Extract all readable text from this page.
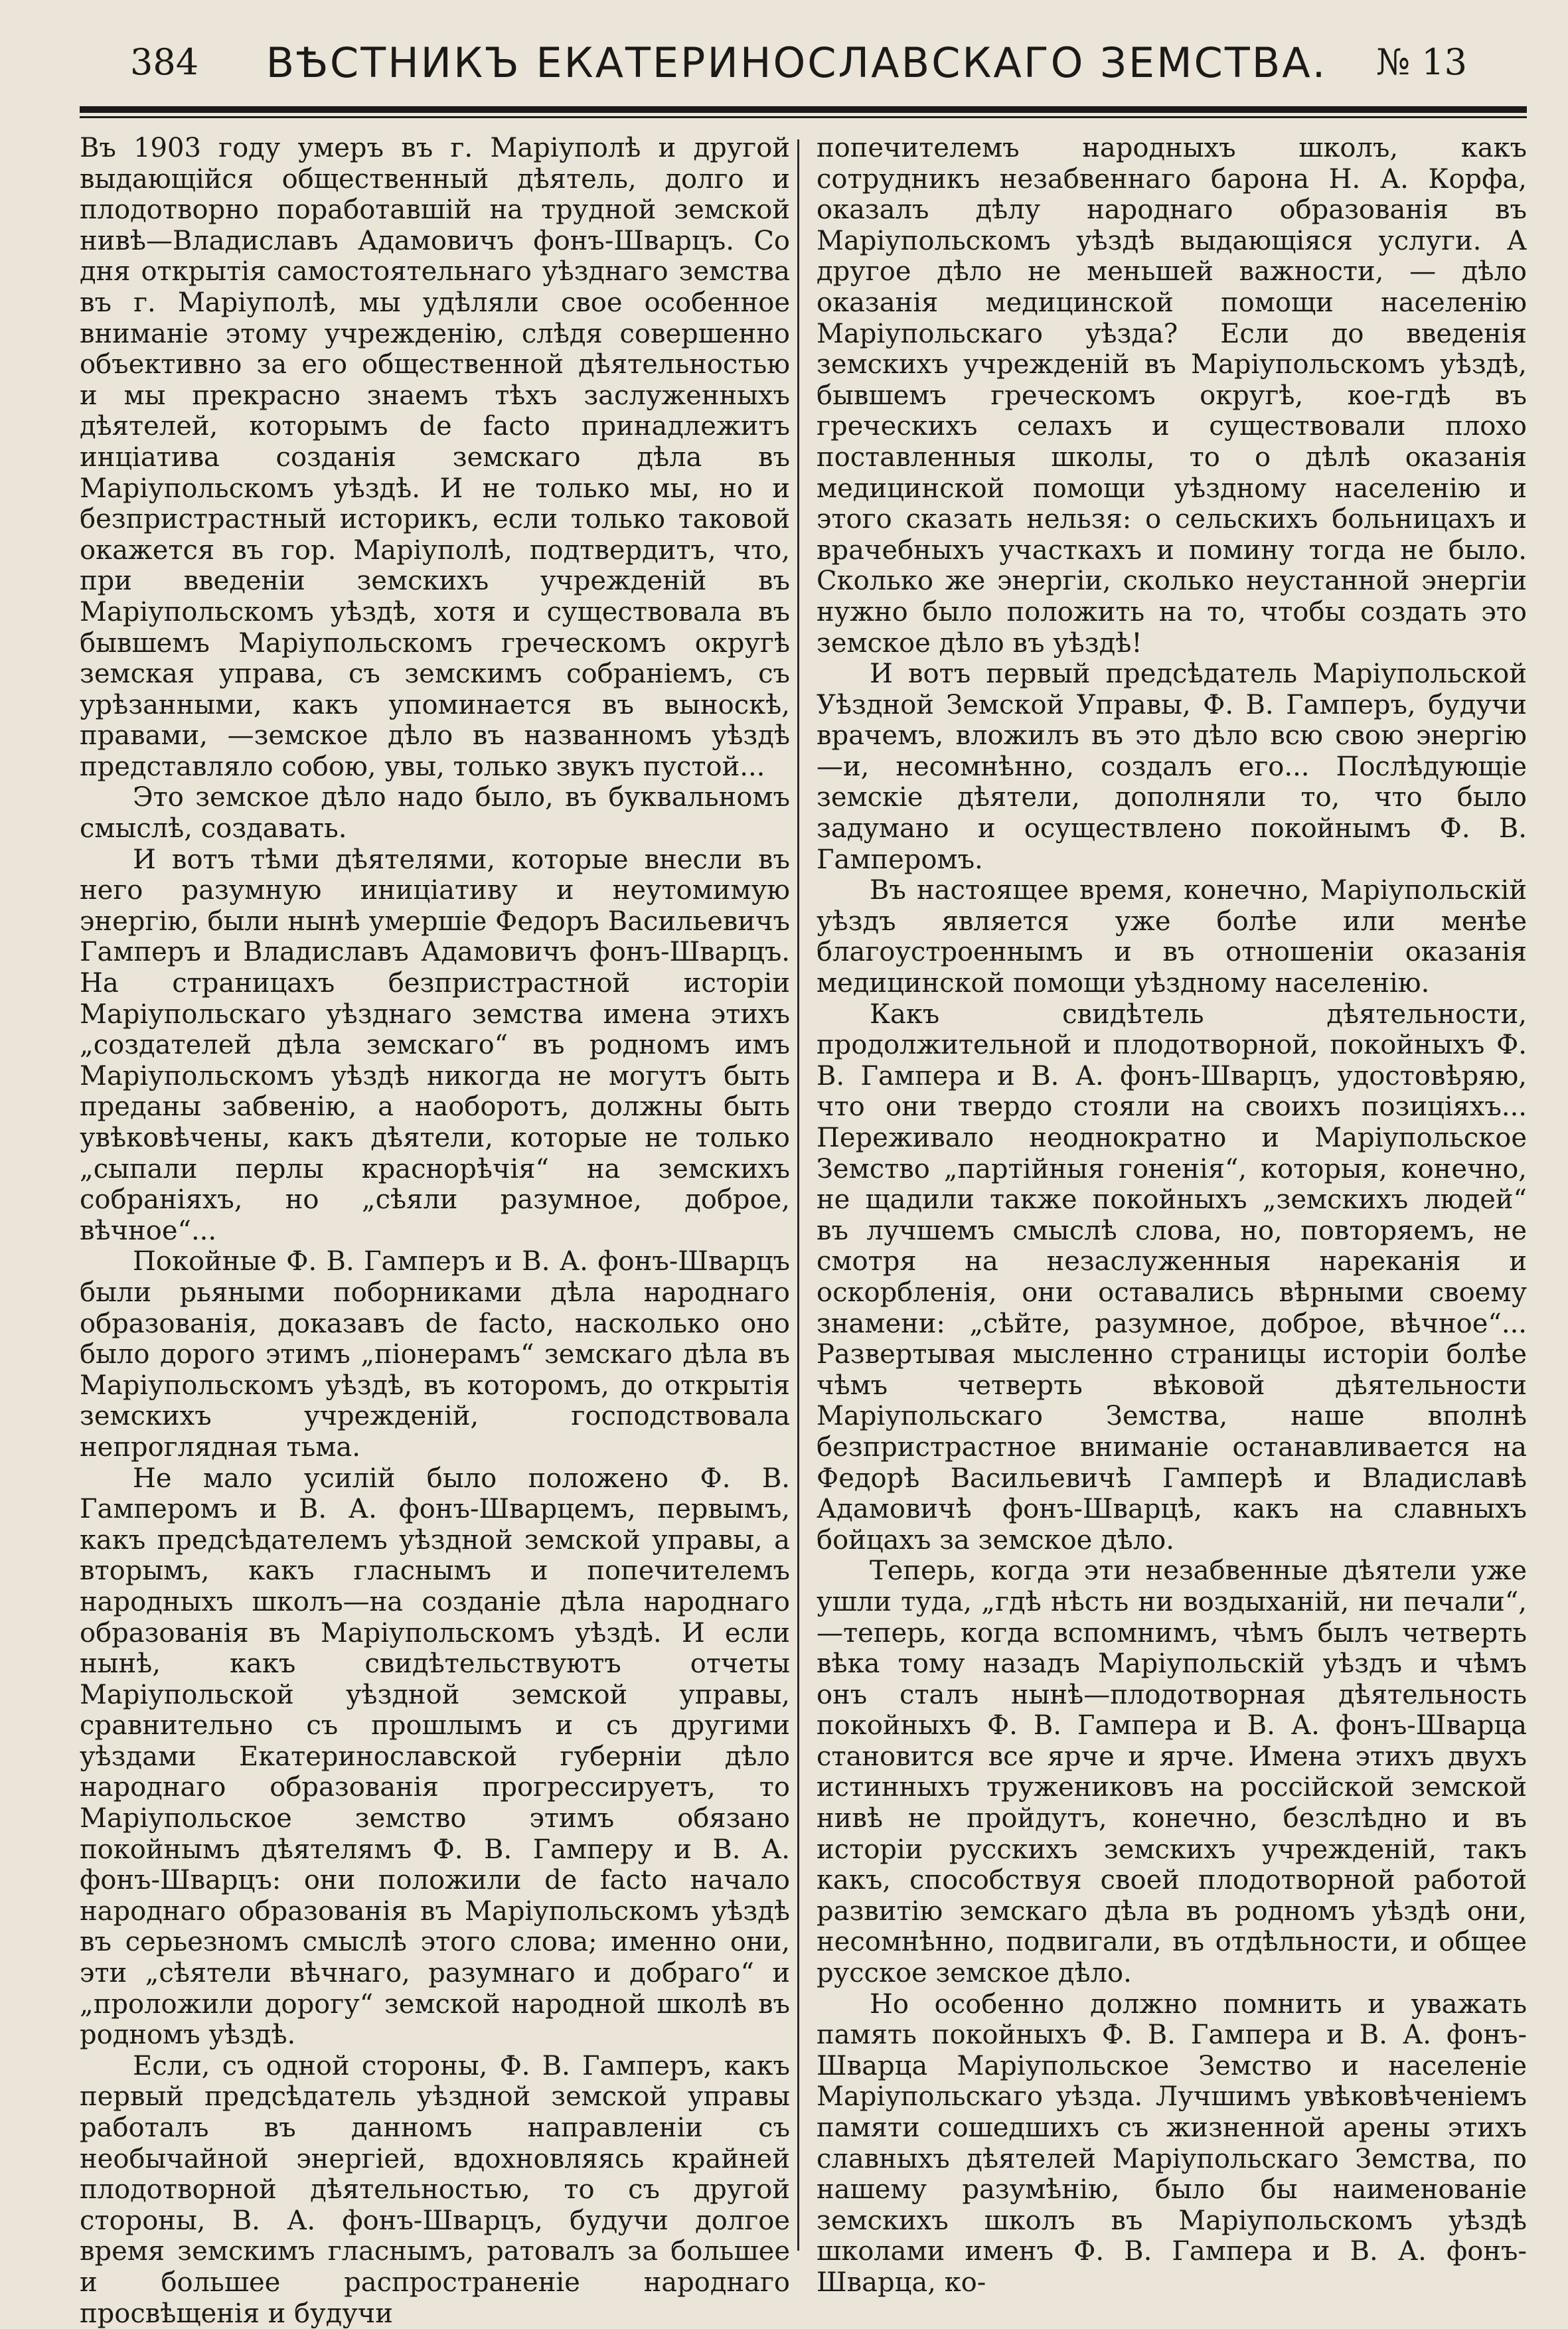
384	ВѢСТНИКЪ ЕКАТЕРИНОСЛАВСКАГО ЗЕМСТВА.	№ 13

Въ 1903 году умеръ въ г. Маріуполѣ и другой выдающійся общественный дѣятель, долго и плодотворно поработавшій на трудной земской нивѣ—Владиславъ Адамовичъ фонъ-Шварцъ. Со дня открытія самостоятельнаго уѣзднаго земства въ г. Маріуполѣ, мы удѣляли свое особенное вниманіе этому учрежденію, слѣдя совершенно объективно за его общественной дѣятельностью и мы прекрасно знаемъ тѣхъ заслуженныхъ дѣятелей, которымъ de facto принадлежитъ инціатива созданія земскаго дѣла въ Маріупольскомъ уѣздѣ. И не только мы, но и безпристрастный историкъ, если только таковой окажется въ гор. Маріуполѣ, подтвердитъ, что, при введеніи земскихъ учрежденій въ Маріупольскомъ уѣздѣ, хотя и существовала въ бывшемъ Маріупольскомъ греческомъ округѣ земская управа, съ земскимъ собраніемъ, съ урѣзанными, какъ упоминается въ выноскѣ, правами, —земское дѣло въ названномъ уѣздѣ представляло собою, увы, только звукъ пустой...

Это земское дѣло надо было, въ буквальномъ смыслѣ, создавать.

И вотъ тѣми дѣятелями, которые внесли въ него разумную иниціативу и неутомимую энергію, были нынѣ умершіе Федоръ Васильевичъ Гамперъ и Владиславъ Адамовичъ фонъ-Шварцъ. На страницахъ безпристрастной исторіи Маріупольскаго уѣзднаго земства имена этихъ „создателей дѣла земскаго“ въ родномъ имъ Маріупольскомъ уѣздѣ никогда не могутъ быть преданы забвенію, а наоборотъ, должны быть увѣковѣчены, какъ дѣятели, которые не только „сыпали перлы краснорѣчія“ на земскихъ собраніяхъ, но „сѣяли разумное, доброе, вѣчное“...

Покойные Ф. В. Гамперъ и В. А. фонъ-Шварцъ были рьяными поборниками дѣла народнаго образованія, доказавъ de facto, насколько оно было дорого этимъ „піонерамъ“ земскаго дѣла въ Маріупольскомъ уѣздѣ, въ которомъ, до открытія земскихъ учрежденій, господствовала непроглядная тьма.

Не мало усилій было положено Ф. В. Гамперомъ и В. А. фонъ-Шварцемъ, первымъ, какъ предсѣдателемъ уѣздной земской управы, а вторымъ, какъ гласнымъ и попечителемъ народныхъ школъ—на созданіе дѣла народнаго образованія въ Маріупольскомъ уѣздѣ. И если нынѣ, какъ свидѣтельствуютъ отчеты Маріупольской уѣздной земской управы, сравнительно съ прошлымъ и съ другими уѣздами Екатеринославской губерніи дѣло народнаго образованія прогрессируетъ, то Маріупольское земство этимъ обязано покойнымъ дѣятелямъ Ф. В. Гамперу и В. А. фонъ-Шварцъ: они положили de facto начало народнаго образованія въ Маріупольскомъ уѣздѣ въ серьезномъ смыслѣ этого слова; именно они, эти „сѣятели вѣчнаго, разумнаго и добраго“ и „проложили дорогу“ земской народной школѣ въ родномъ уѣздѣ.

Если, съ одной стороны, Ф. В. Гамперъ, какъ первый предсѣдатель уѣздной земской управы работалъ въ данномъ направленіи съ необычайной энергіей, вдохновляясь крайней плодотворной дѣятельностью, то съ другой стороны, В. А. фонъ-Шварцъ, будучи долгое время земскимъ гласнымъ, ратовалъ за большее и большее распространеніе народнаго просвѣщенія и будучи

попечителемъ народныхъ школъ, какъ сотрудникъ незабвеннаго барона Н. А. Корфа, оказалъ дѣлу народнаго образованія въ Маріупольскомъ уѣздѣ выдающіяся услуги. А другое дѣло не меньшей важности, — дѣло оказанія медицинской помощи населенію Маріупольскаго уѣзда? Если до введенія земскихъ учрежденій въ Маріупольскомъ уѣздѣ, бывшемъ греческомъ округѣ, кое-гдѣ въ греческихъ селахъ и существовали плохо поставленныя школы, то о дѣлѣ оказанія медицинской помощи уѣздному населенію и этого сказать нельзя: о сельскихъ больницахъ и врачебныхъ участкахъ и помину тогда не было. Сколько же энергіи, сколько неустанной энергіи нужно было положить на то, чтобы создать это земское дѣло въ уѣздѣ!

И вотъ первый предсѣдатель Маріупольской Уѣздной Земской Управы, Ф. В. Гамперъ, будучи врачемъ, вложилъ въ это дѣло всю свою энергію—и, несомнѣнно, создалъ его... Послѣдующіе земскіе дѣятели, дополняли то, что было задумано и осуществлено покойнымъ Ф. В. Гамперомъ.

Въ настоящее время, конечно, Маріупольскій уѣздъ является уже болѣе или менѣе благоустроеннымъ и въ отношеніи оказанія медицинской помощи уѣздному населенію.

Какъ свидѣтель дѣятельности, продолжительной и плодотворной, покойныхъ Ф. В. Гампера и В. А. фонъ-Шварцъ, удостовѣряю, что они твердо стояли на своихъ позиціяхъ... Переживало неоднократно и Маріупольское Земство „партійныя гоненія“, которыя, конечно, не щадили также покойныхъ „земскихъ людей“ въ лучшемъ смыслѣ слова, но, повторяемъ, не смотря на незаслуженныя нареканія и оскорбленія, они оставались вѣрными своему знамени: „сѣйте, разумное, доброе, вѣчное“... Развертывая мысленно страницы исторіи болѣе чѣмъ четверть вѣковой дѣятельности Маріупольскаго Земства, наше вполнѣ безпристрастное вниманіе останавливается на Федорѣ Васильевичѣ Гамперѣ и Владиславѣ Адамовичѣ фонъ-Шварцѣ, какъ на славныхъ бойцахъ за земское дѣло.

Теперь, когда эти незабвенные дѣятели уже ушли туда, „гдѣ нѣсть ни воздыханій, ни печали“, —теперь, когда вспомнимъ, чѣмъ былъ четверть вѣка тому назадъ Маріупольскій уѣздъ и чѣмъ онъ сталъ нынѣ—плодотворная дѣятельность покойныхъ Ф. В. Гампера и В. А. фонъ-Шварца становится все ярче и ярче. Имена этихъ двухъ истинныхъ тружениковъ на россійской земской нивѣ не пройдутъ, конечно, безслѣдно и въ исторіи русскихъ земскихъ учрежденій, такъ какъ, способствуя своей плодотворной работой развитію земскаго дѣла въ родномъ уѣздѣ они, несомнѣнно, подвигали, въ отдѣльности, и общее русское земское дѣло.

Но особенно должно помнить и уважать память покойныхъ Ф. В. Гампера и В. А. фонъ-Шварца Маріупольское Земство и населеніе Маріупольскаго уѣзда. Лучшимъ увѣковѣченіемъ памяти сошедшихъ съ жизненной арены этихъ славныхъ дѣятелей Маріупольскаго Земства, по нашему разумѣнію, было бы наименованіе земскихъ школъ въ Маріупольскомъ уѣздѣ школами именъ Ф. В. Гампера и В. А. фонъ-Шварца, ко-
